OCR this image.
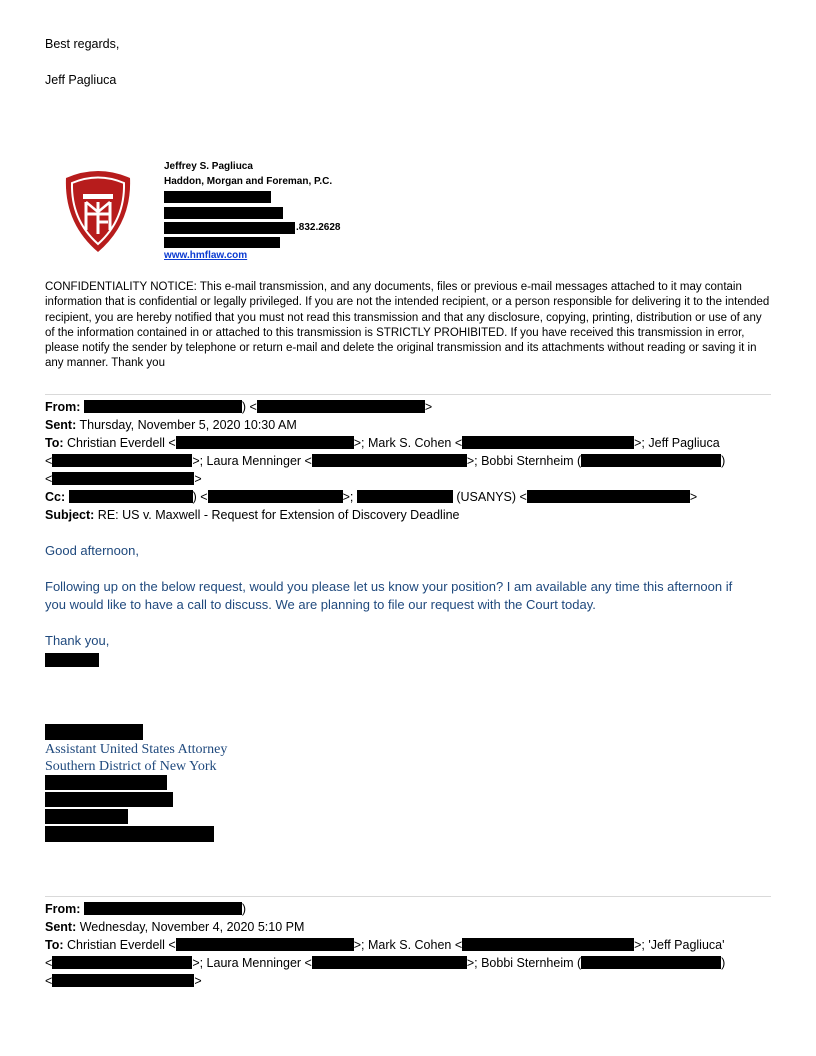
Best regards,
Jeff Pagliuca
Jeffrey S. Pagliuca
Haddon, Morgan and Foreman, P.C.
.832.2628
www.hmflaw.com
CONFIDENTIALITY NOTICE: This e-mail transmission, and any documents, files or previous e-mail messages attached to it may contain information that is confidential or legally privileged. If you are not the intended recipient, or a person responsible for delivering it to the intended recipient, you are hereby notified that you must not read this transmission and that any disclosure, copying, printing, distribution or use of any of the information contained in or attached to this transmission is STRICTLY PROHIBITED. If you have received this transmission in error, please notify the sender by telephone or return e-mail and delete the original transmission and its attachments without reading or saving it in any manner. Thank you
From:	) <	>
Sent: Thursday, November 5, 2020 10:30 AM
To: Christian Everdell <	>; Mark S. Cohen <	>; Jeff Pagliuca
<	>; Laura Menninger <	>; Bobbi Sternheim (	)
<	>
Cc:	) <	>;	(USANYS) <	>
Subject: RE: US v. Maxwell - Request for Extension of Discovery Deadline
Good afternoon,
Following up on the below request, would you please let us know your position? I am available any time this afternoon if
you would like to have a call to discuss. We are planning to file our request with the Court today.
Thank you,
Assistant United States Attorney
Southern District of New York
From:	)
Sent: Wednesday, November 4, 2020 5:10 PM
To: Christian Everdell <	>; Mark S. Cohen <	>; 'Jeff Pagliuca'
<	>; Laura Menninger <	>; Bobbi Sternheim (	)
<	>
